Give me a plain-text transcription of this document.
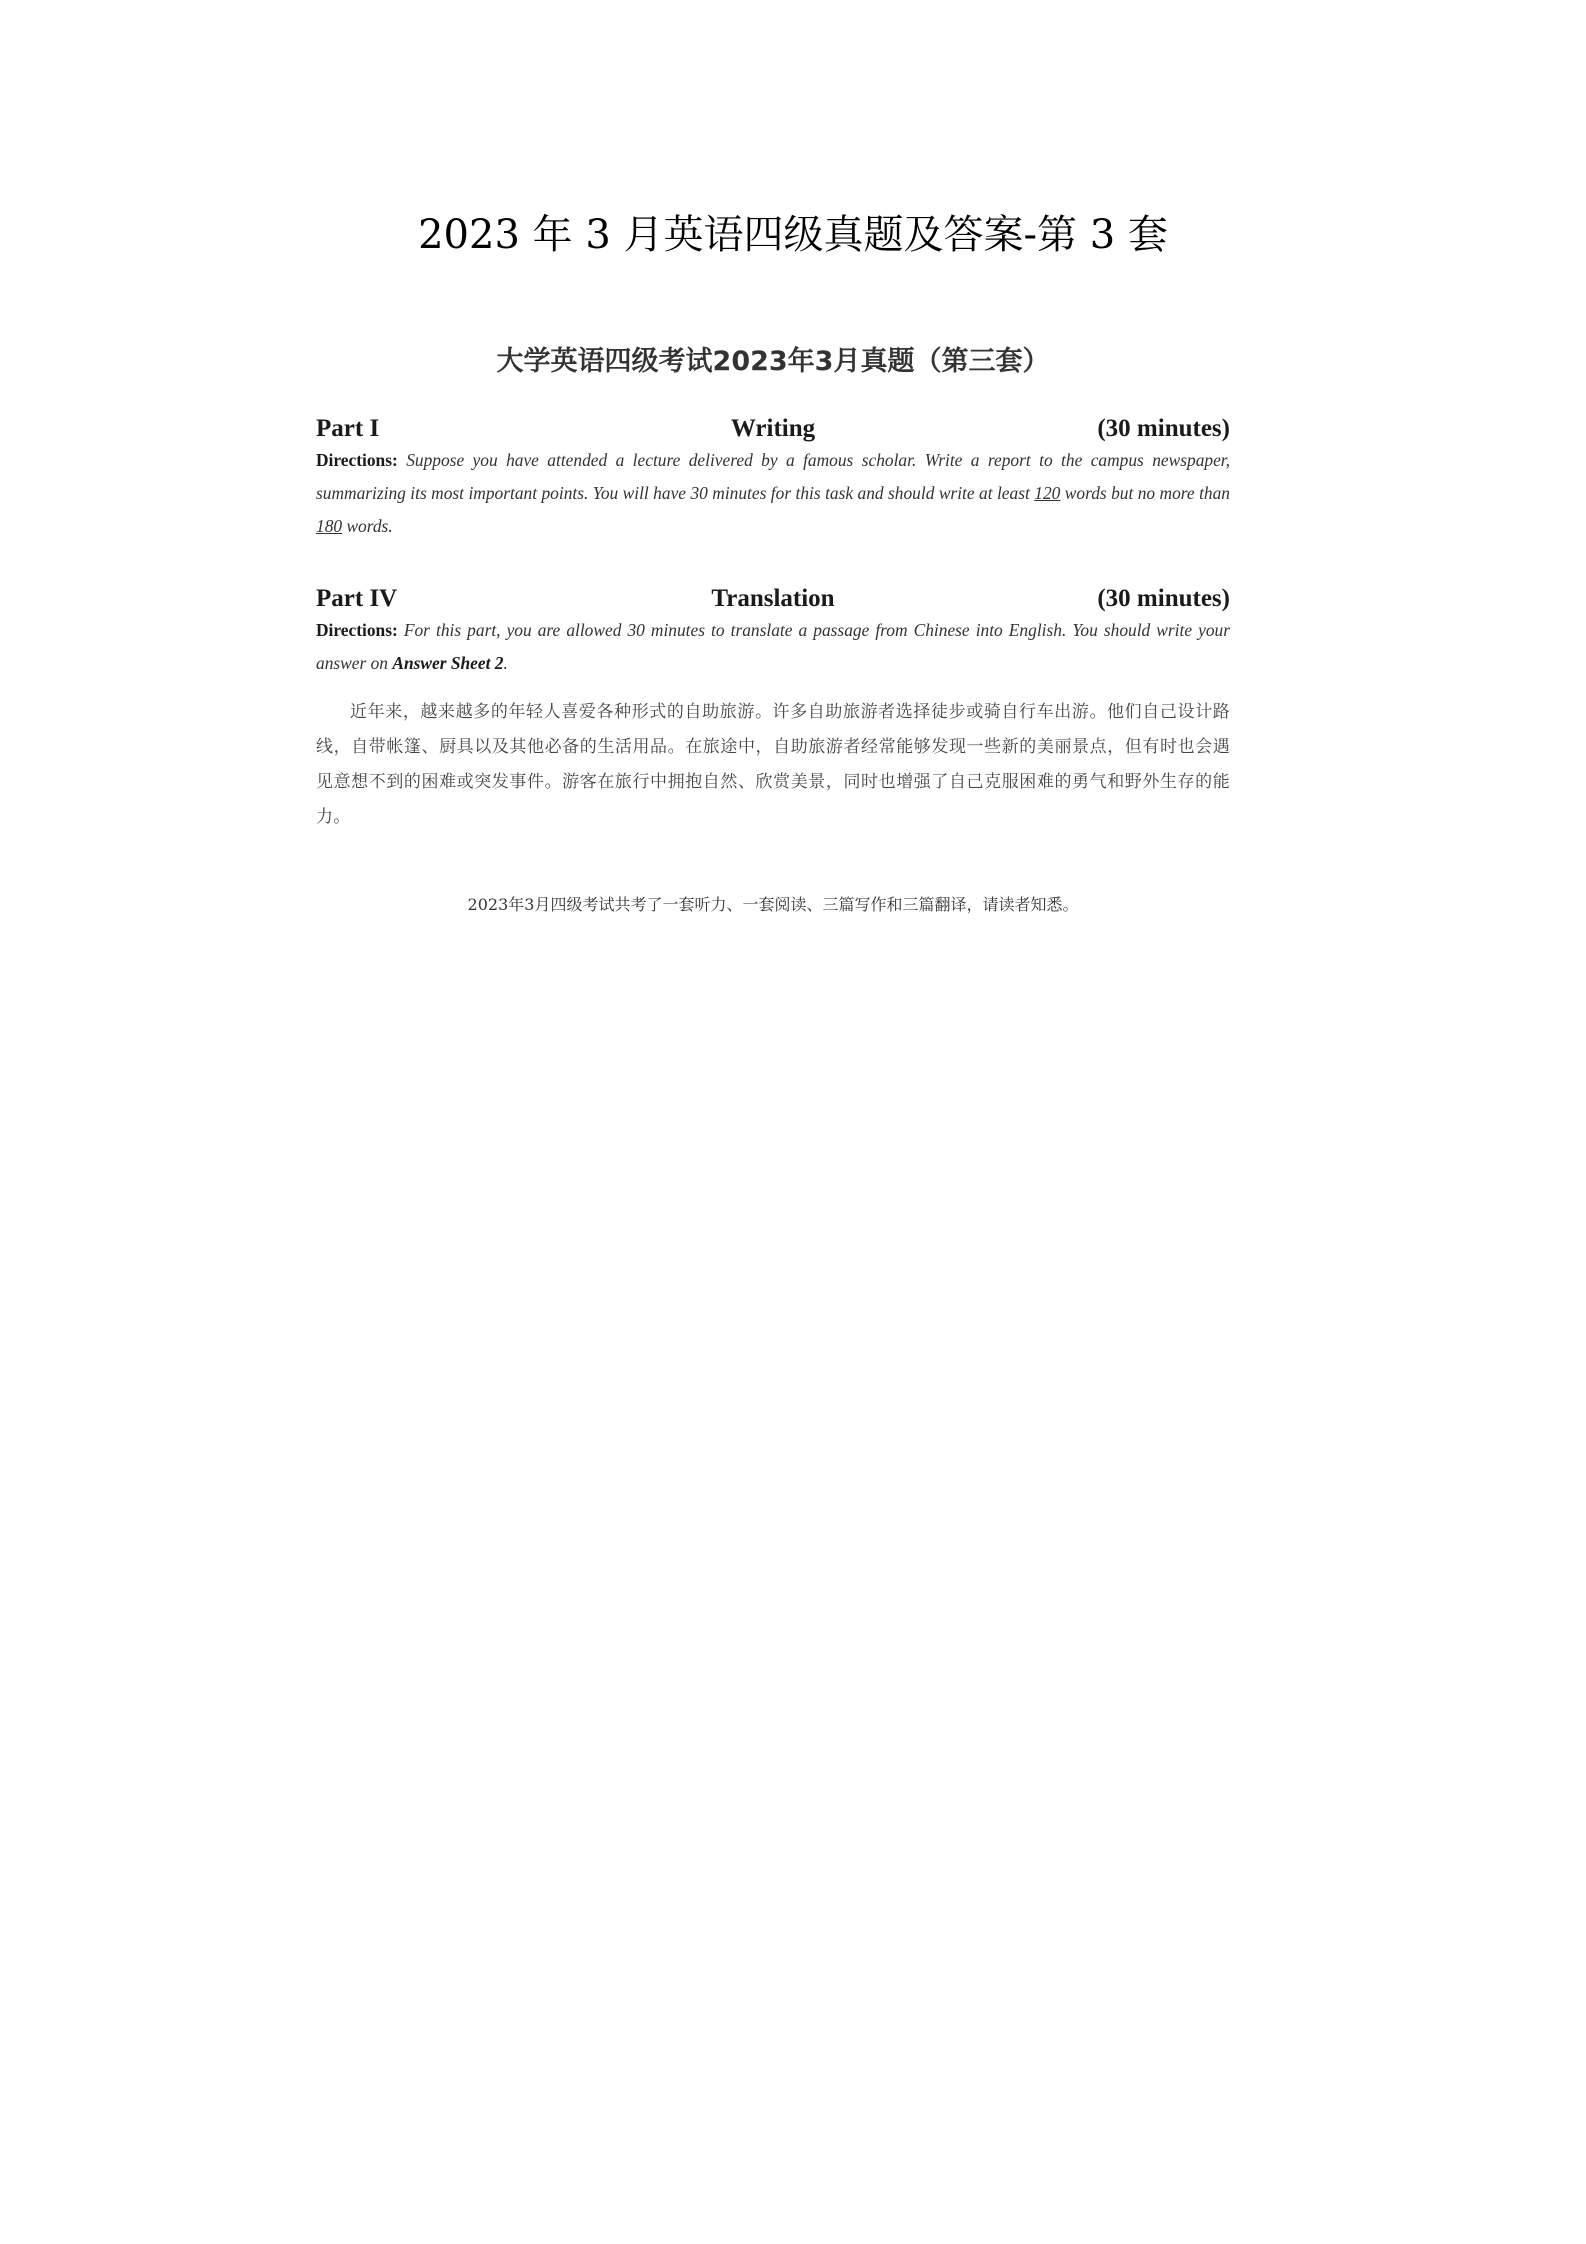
2023 年 3 月英语四级真题及答案-第 3 套
大学英语四级考试2023年3月真题（第三套）
Part I	Writing	(30 minutes)

Directions: Suppose you have attended a lecture delivered by a famous scholar. Write a report to the campus newspaper, summarizing its most important points. You will have 30 minutes for this task and should write at least 120 words but no more than 180 words.

Part IV	Translation	(30 minutes)

Directions: For this part, you are allowed 30 minutes to translate a passage from Chinese into English. You should write your answer on Answer Sheet 2.

近年来，越来越多的年轻人喜爱各种形式的自助旅游。许多自助旅游者选择徒步或骑自行车出游。他们自己设计路线，自带帐篷、厨具以及其他必备的生活用品。在旅途中，自助旅游者经常能够发现一些新的美丽景点，但有时也会遇见意想不到的困难或突发事件。游客在旅行中拥抱自然、欣赏美景，同时也增强了自己克服困难的勇气和野外生存的能力。

2023年3月四级考试共考了一套听力、一套阅读、三篇写作和三篇翻译，请读者知悉。
